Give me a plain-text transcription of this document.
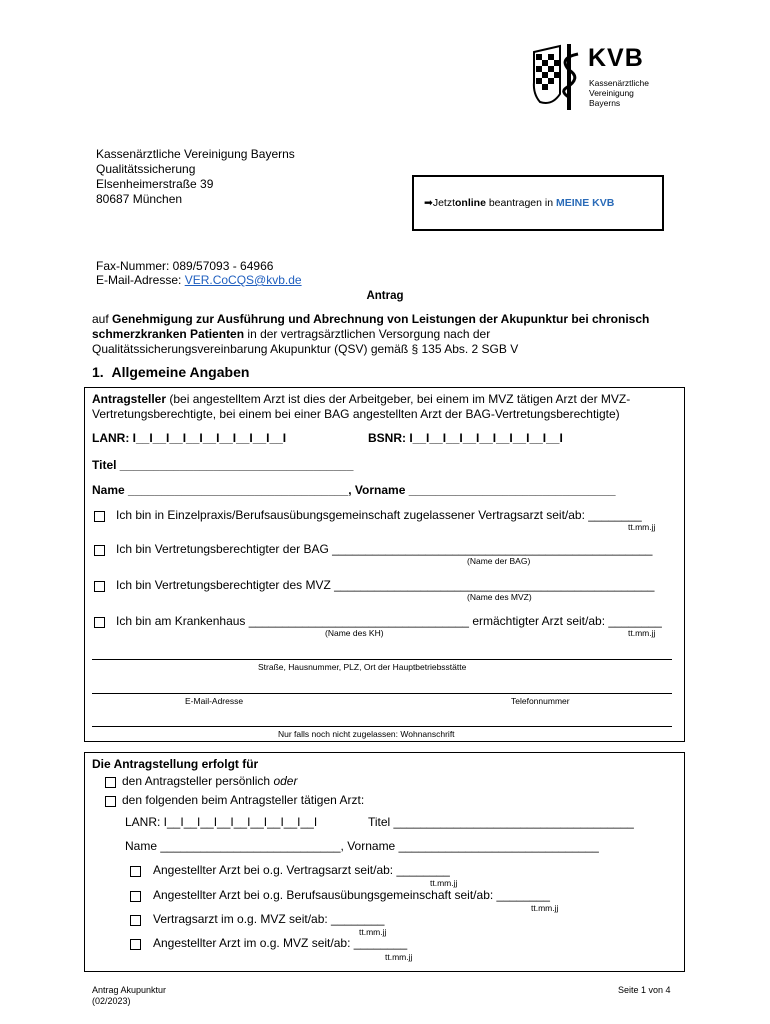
KVB
Kassenärztliche
Vereinigung
Bayerns
Kassenärztliche Vereinigung Bayerns
Qualitätssicherung
Elsenheimerstraße 39
80687 München	➡ Jetzt online beantragen in MEINE KVB
Fax-Nummer: 089/57093 - 64966
E-Mail-Adresse: VER.CoCQS@kvb.de
Antrag
auf Genehmigung zur Ausführung und Abrechnung von Leistungen der Akupunktur bei chronisch schmerzkranken Patienten in der vertragsärztlichen Versorgung nach der Qualitätssicherungsvereinbarung Akupunktur (QSV) gemäß § 135 Abs. 2 SGB V
1.  Allgemeine Angaben
Antragsteller (bei angestelltem Arzt ist dies der Arbeitgeber, bei einem im MVZ tätigen Arzt der MVZ-
Vertretungsberechtigte, bei einem bei einer BAG angestellten Arzt der BAG-Vertretungsberechtigte)
LANR: I__I__I__I__I__I__I__I__I__I	BSNR: I__I__I__I__I__I__I__I__I__I
Titel ___________________________________
Name _________________________________, Vorname _______________________________
Ich bin in Einzelpraxis/Berufsausübungsgemeinschaft zugelassener Vertragsarzt seit/ab: ________
tt.mm.jj
Ich bin Vertretungsberechtigter der BAG ________________________________________________
(Name der BAG)
Ich bin Vertretungsberechtigter des MVZ ________________________________________________
(Name des MVZ)
Ich bin am Krankenhaus _________________________________ ermächtigter Arzt seit/ab: ________
(Name des KH)	tt.mm.jj
Straße, Hausnummer, PLZ, Ort der Hauptbetriebsstätte
E-Mail-Adresse	Telefonnummer
Nur falls noch nicht zugelassen: Wohnanschrift
Die Antragstellung erfolgt für
den Antragsteller persönlich oder
den folgenden beim Antragsteller tätigen Arzt:
LANR: I__I__I__I__I__I__I__I__I__I	Titel ____________________________________
Name ___________________________, Vorname ______________________________
Angestellter Arzt bei o.g. Vertragsarzt seit/ab: ________
tt.mm.jj
Angestellter Arzt bei o.g. Berufsausübungsgemeinschaft seit/ab: ________
tt.mm.jj
Vertragsarzt im o.g. MVZ seit/ab: ________
tt.mm.jj
Angestellter Arzt im o.g. MVZ seit/ab: ________
tt.mm.jj
Antrag Akupunktur
(02/2023)
Seite 1 von 4
